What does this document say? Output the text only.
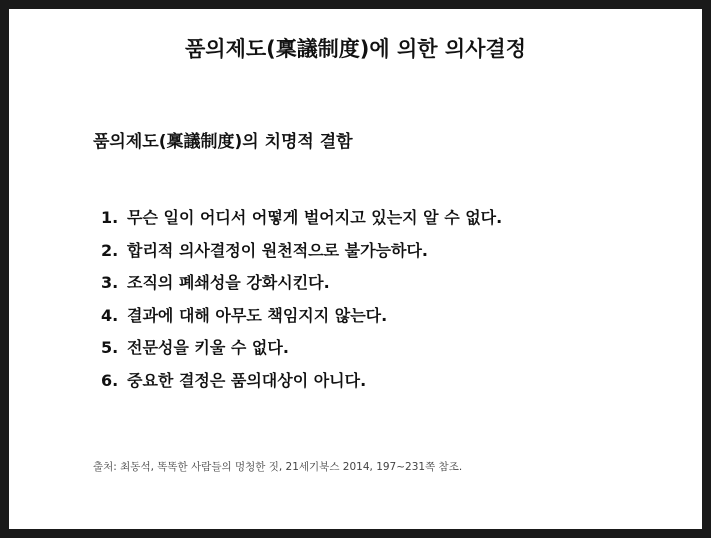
품의제도(稟議制度)에 의한 의사결정
품의제도(稟議制度)의 치명적 결함
1. 무슨 일이 어디서 어떻게 벌어지고 있는지 알 수 없다.
2. 합리적 의사결정이 원천적으로 불가능하다.
3. 조직의 폐쇄성을 강화시킨다.
4. 결과에 대해 아무도 책임지지 않는다.
5. 전문성을 키울 수 없다.
6. 중요한 결정은 품의대상이 아니다.
출처: 최동석, 똑똑한 사람들의 멍청한 짓, 21세기북스 2014, 197~231쪽 참조.
